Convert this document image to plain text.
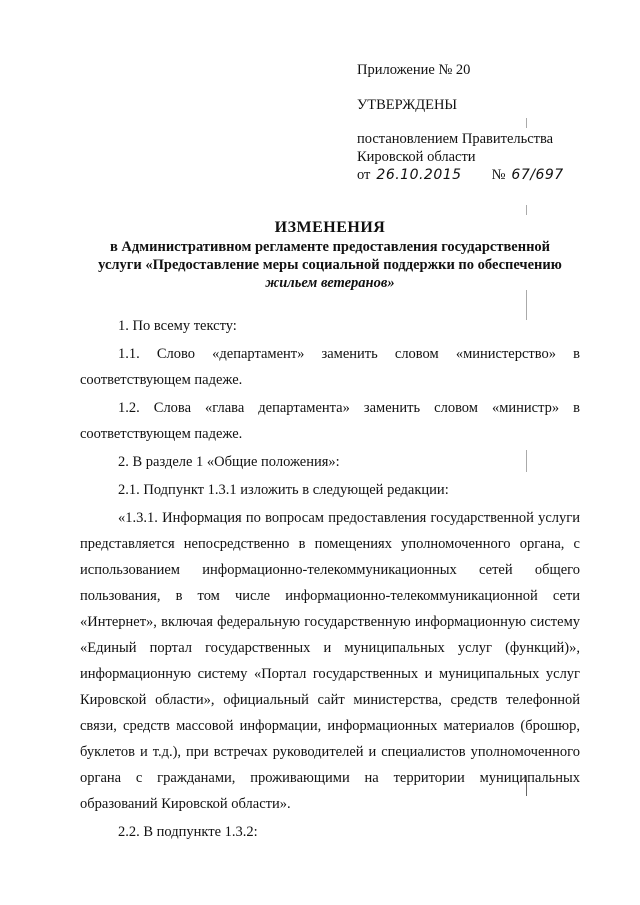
Приложение № 20
УТВЕРЖДЕНЫ
постановлением Правительства
Кировской области
от 26.10.2015 № 67/697
ИЗМЕНЕНИЯ
в Административном регламенте предоставления государственной
услуги «Предоставление меры социальной поддержки по обеспечению
жильем ветеранов»

1. По всему тексту:

1.1. Слово «департамент» заменить словом «министерство» в соответствующем падеже.

1.2. Слова «глава департамента» заменить словом «министр» в соответствующем падеже.

2. В разделе 1 «Общие положения»:

2.1. Подпункт 1.3.1 изложить в следующей редакции:

«1.3.1. Информация по вопросам предоставления государственной услуги представляется непосредственно в помещениях уполномоченного органа, с использованием информационно-телекоммуникационных сетей общего пользования, в том числе информационно-телекоммуникационной сети «Интернет», включая федеральную государственную информационную систему «Единый портал государственных и муниципальных услуг (функций)», информационную систему «Портал государственных и муниципальных услуг Кировской области», официальный сайт министерства, средств телефонной связи, средств массовой информации, информационных материалов (брошюр, буклетов и т.д.), при встречах руководителей и специалистов уполномоченного органа с гражданами, проживающими на территории муниципальных образований Кировской области».

2.2. В подпункте 1.3.2:
